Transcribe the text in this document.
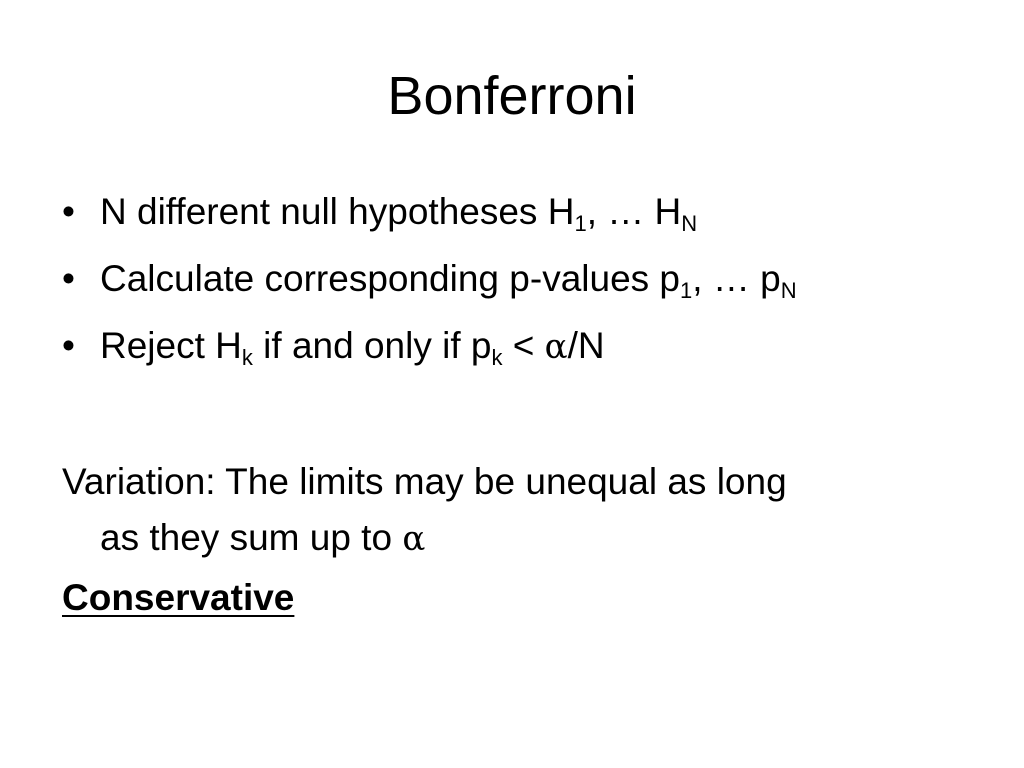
Bonferroni
• N different null hypotheses $H_1$, … $H_N$
• Calculate corresponding p-values $p_1$, … $p_N$
• Reject $H_k$ if and only if $p_k < \alpha/N$

Variation: The limits may be unequal as long
as they sum up to α

Conservative
